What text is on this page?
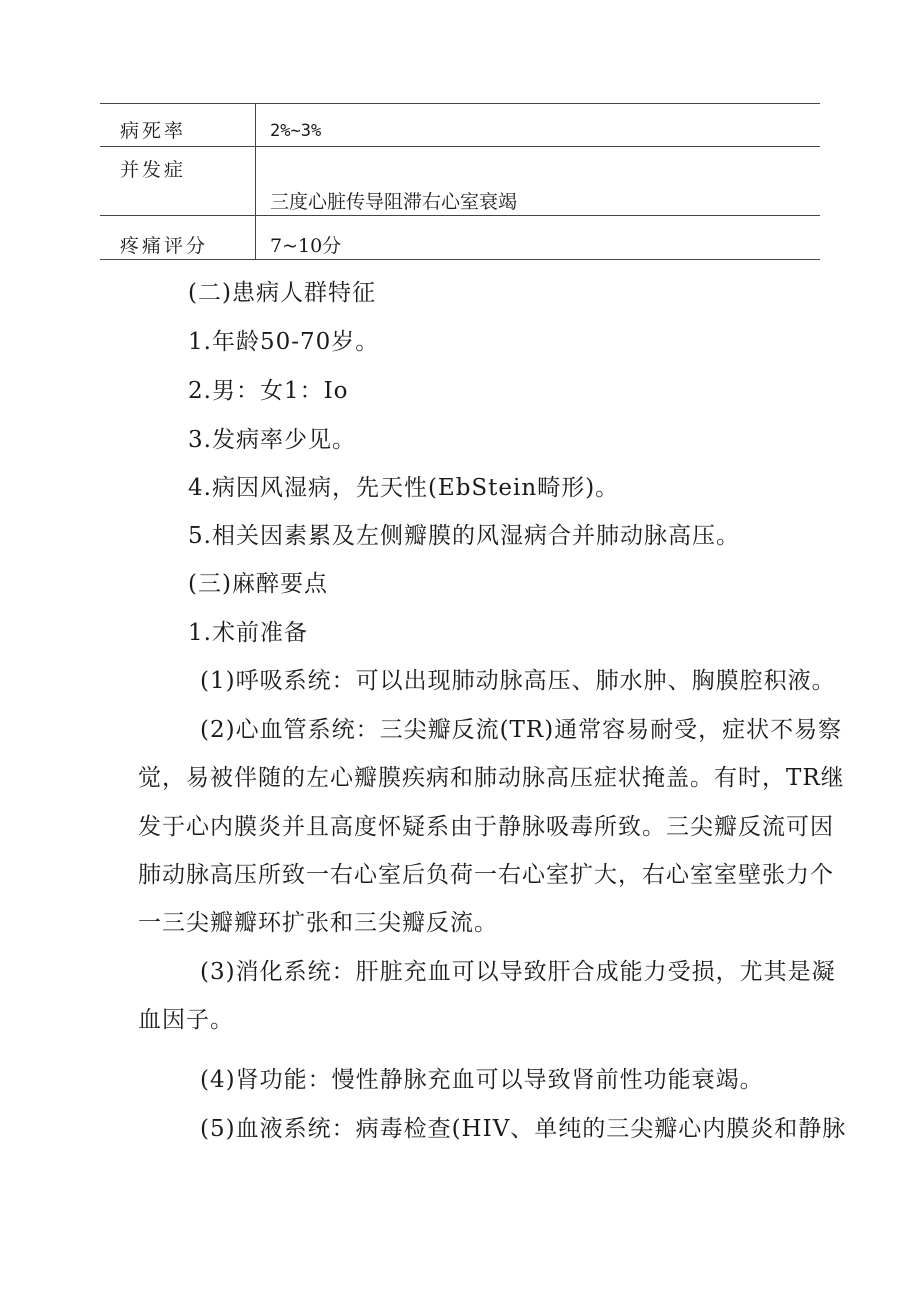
病死率	2%~3%
并发症
三度心脏传导阻滞右心室衰竭
疼痛评分	7~10分
(二)患病人群特征
1.年龄50-70岁。
2.男：女1：Io
3.发病率少见。
4.病因风湿病，先天性(EbStein畸形)。
5.相关因素累及左侧瓣膜的风湿病合并肺动脉高压。
(三)麻醉要点
1.术前准备
(1)呼吸系统：可以出现肺动脉高压、肺水肿、胸膜腔积液。
(2)心血管系统：三尖瓣反流(TR)通常容易耐受，症状不易察
觉，易被伴随的左心瓣膜疾病和肺动脉高压症状掩盖。有时，TR继
发于心内膜炎并且高度怀疑系由于静脉吸毒所致。三尖瓣反流可因
肺动脉高压所致一右心室后负荷一右心室扩大，右心室室壁张力个
一三尖瓣瓣环扩张和三尖瓣反流。
(3)消化系统：肝脏充血可以导致肝合成能力受损，尤其是凝
血因子。
(4)肾功能：慢性静脉充血可以导致肾前性功能衰竭。
(5)血液系统：病毒检查(HIV、单纯的三尖瓣心内膜炎和静脉
